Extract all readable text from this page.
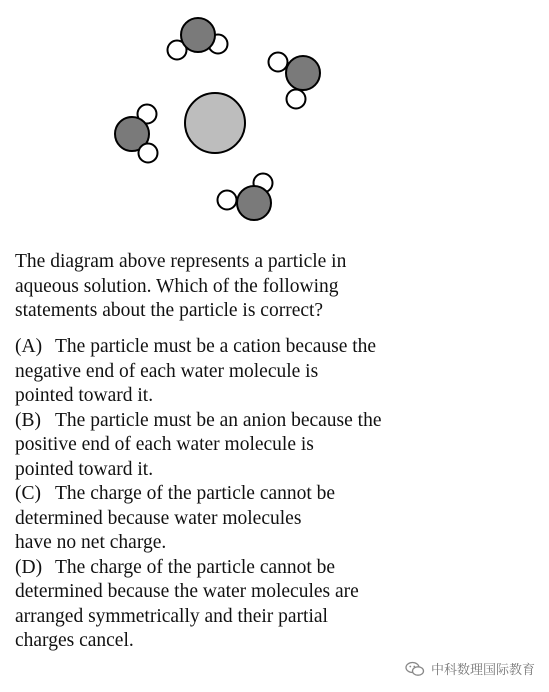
The diagram above represents a particle in
aqueous solution. Which of the following
statements about the particle is correct?

(A) The particle must be a cation because the
negative end of each water molecule is
pointed toward it.
(B) The particle must be an anion because the
positive end of each water molecule is
pointed toward it.
(C) The charge of the particle cannot be
determined because water molecules
have no net charge.
(D) The charge of the particle cannot be
determined because the water molecules are
arranged symmetrically and their partial
charges cancel.
中科数理国际教育
